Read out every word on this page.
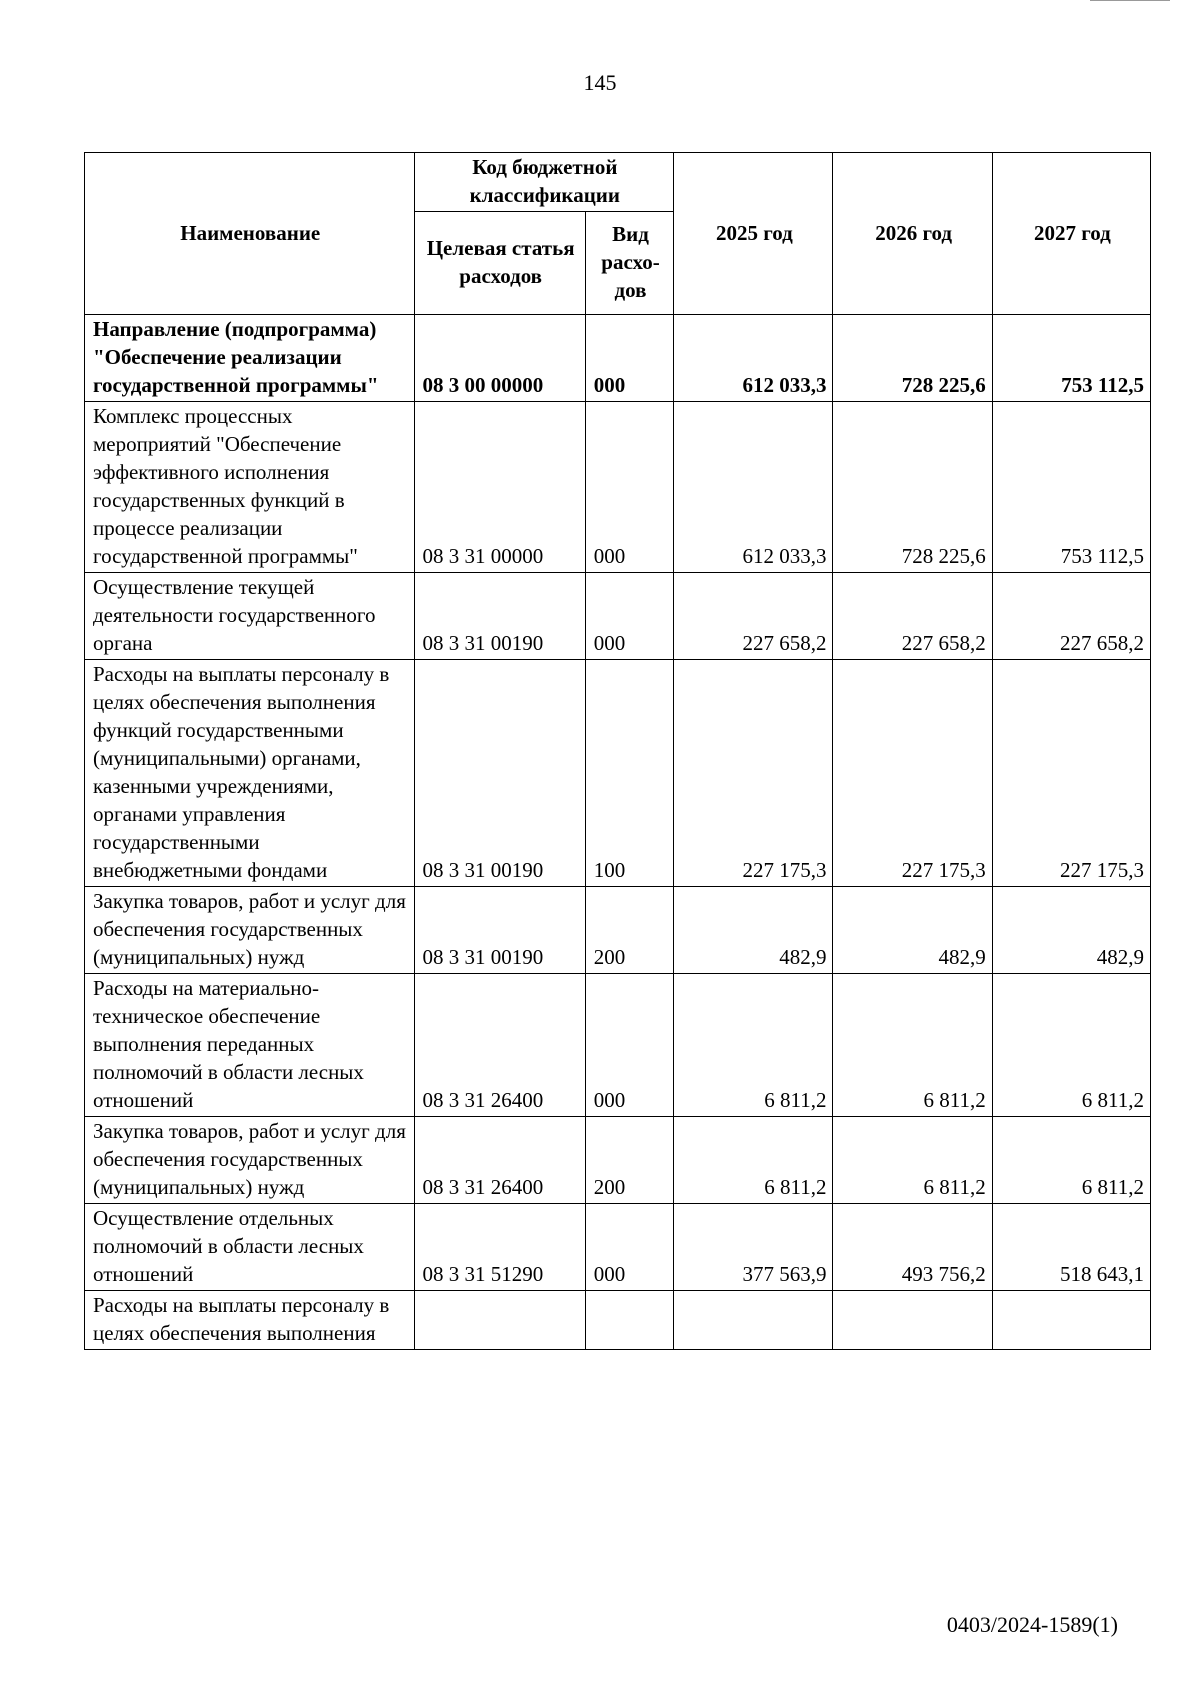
145
Наименование	Код бюджетной классификации		2025 год	2026 год	2027 год
	Целевая статья расходов	Вид расхо-дов			
Направление (подпрограмма) "Обеспечение реализации государственной программы"	08 3 00 00000	000	612 033,3	728 225,6	753 112,5
Комплекс процессных мероприятий "Обеспечение эффективного исполнения государственных функций в процессе реализации государственной программы"	08 3 31 00000	000	612 033,3	728 225,6	753 112,5
Осуществление текущей деятельности государственного органа	08 3 31 00190	000	227 658,2	227 658,2	227 658,2
Расходы на выплаты персоналу в целях обеспечения выполнения функций государственными (муниципальными) органами, казенными учреждениями, органами управления государственными внебюджетными фондами	08 3 31 00190	100	227 175,3	227 175,3	227 175,3
Закупка товаров, работ и услуг для обеспечения государственных (муниципальных) нужд	08 3 31 00190	200	482,9	482,9	482,9
Расходы на материально-техническое обеспечение выполнения переданных полномочий в области лесных отношений	08 3 31 26400	000	6 811,2	6 811,2	6 811,2
Закупка товаров, работ и услуг для обеспечения государственных (муниципальных) нужд	08 3 31 26400	200	6 811,2	6 811,2	6 811,2
Осуществление отдельных полномочий в области лесных отношений	08 3 31 51290	000	377 563,9	493 756,2	518 643,1
Расходы на выплаты персоналу в целях обеспечения выполнения					
0403/2024-1589(1)
